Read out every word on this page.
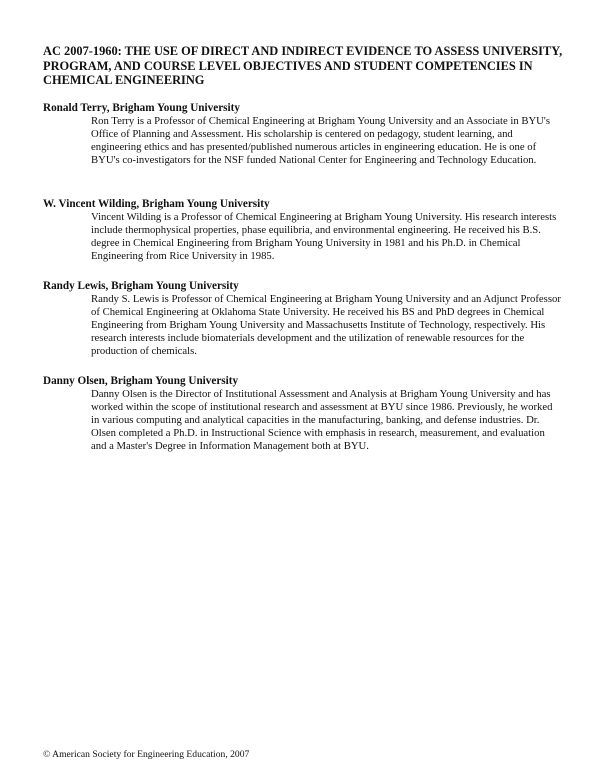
AC 2007-1960: THE USE OF DIRECT AND INDIRECT EVIDENCE TO ASSESS UNIVERSITY, PROGRAM, AND COURSE LEVEL OBJECTIVES AND STUDENT COMPETENCIES IN CHEMICAL ENGINEERING

Ronald Terry, Brigham Young University

Ron Terry is a Professor of Chemical Engineering at Brigham Young University and an Associate in BYU's Office of Planning and Assessment. His scholarship is centered on pedagogy, student learning, and engineering ethics and has presented/published numerous articles in engineering education. He is one of BYU's co-investigators for the NSF funded National Center for Engineering and Technology Education.

W. Vincent Wilding, Brigham Young University

Vincent Wilding is a Professor of Chemical Engineering at Brigham Young University. His research interests include thermophysical properties, phase equilibria, and environmental engineering. He received his B.S. degree in Chemical Engineering from Brigham Young University in 1981 and his Ph.D. in Chemical Engineering from Rice University in 1985.

Randy Lewis, Brigham Young University

Randy S. Lewis is Professor of Chemical Engineering at Brigham Young University and an Adjunct Professor of Chemical Engineering at Oklahoma State University. He received his BS and PhD degrees in Chemical Engineering from Brigham Young University and Massachusetts Institute of Technology, respectively. His research interests include biomaterials development and the utilization of renewable resources for the production of chemicals.

Danny Olsen, Brigham Young University

Danny Olsen is the Director of Institutional Assessment and Analysis at Brigham Young University and has worked within the scope of institutional research and assessment at BYU since 1986. Previously, he worked in various computing and analytical capacities in the manufacturing, banking, and defense industries. Dr. Olsen completed a Ph.D. in Instructional Science with emphasis in research, measurement, and evaluation and a Master's Degree in Information Management both at BYU.

© American Society for Engineering Education, 2007
